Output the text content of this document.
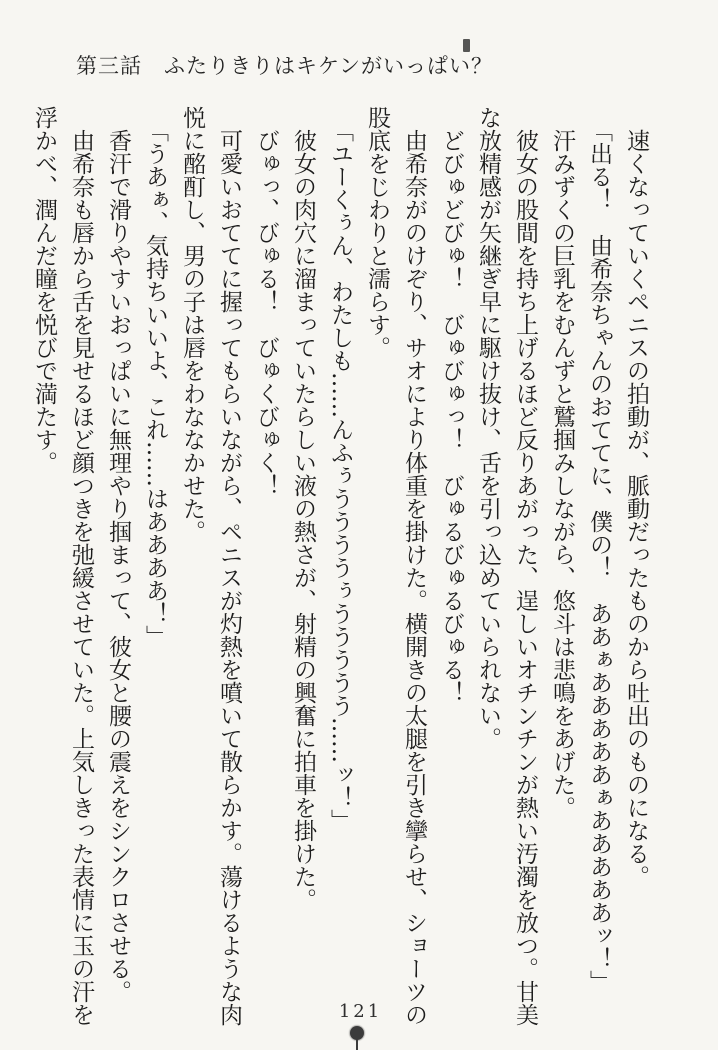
第三話　ふたりきりはキケンがいっぱい？

速くなっていくペニスの拍動が、脈動だったものから吐出のものになる。

「出る！　由希奈ちゃんのおててに、僕の！　ああぁあああああぁあああああッ！」

汗みずくの巨乳をむんずと鷲掴みしながら、悠斗は悲鳴をあげた。

彼女の股間を持ち上げるほど反りあがった、逞しいオチンチンが熱い汚濁を放つ。甘美な放精感が矢継ぎ早に駆け抜け、舌を引っ込めていられない。

どびゅどびゅ！　びゅびゅっ！　びゅるびゅるびゅる！

由希奈がのけぞり、サオにより体重を掛けた。横開きの太腿を引き攣らせ、ショーツの股底をじわりと濡らす。

「ユーくぅん、わたしも……んふぅううううぅううううう……ッ！」

彼女の肉穴に溜まっていたらしい液の熱さが、射精の興奮に拍車を掛けた。

びゅっ、びゅる！　びゅくびゅく！

可愛いおててに握ってもらいながら、ペニスが灼熱を噴いて散らかす。蕩けるような肉悦に酩酊し、男の子は唇をわななかせた。

「うあぁ、気持ちいいよ、これ……はああああ！」

香汗で滑りやすいおっぱいに無理やり掴まって、彼女と腰の震えをシンクロさせる。

由希奈も唇から舌を見せるほど顔つきを弛緩させていた。上気しきった表情に玉の汗を浮かべ、潤んだ瞳を悦びで満たす。

121
